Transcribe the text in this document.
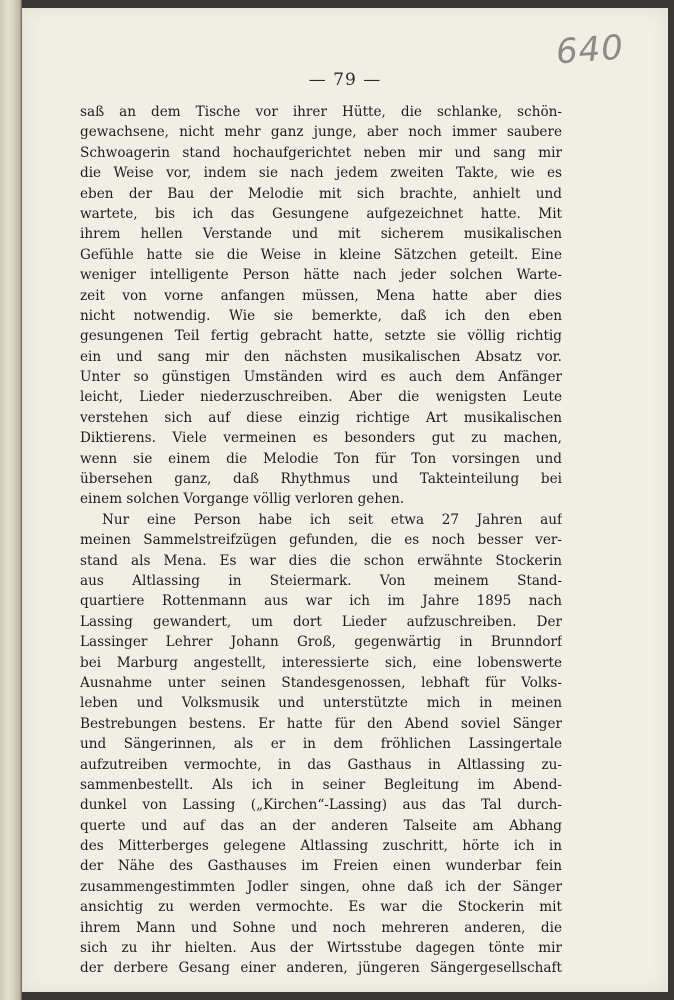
— 79 —
640
saß an dem Tische vor ihrer Hütte, die schlanke, schön-
gewachsene, nicht mehr ganz junge, aber noch immer saubere
Schwoagerin stand hochaufgerichtet neben mir und sang mir
die Weise vor, indem sie nach jedem zweiten Takte, wie es
eben der Bau der Melodie mit sich brachte, anhielt und
wartete, bis ich das Gesungene aufgezeichnet hatte. Mit
ihrem hellen Verstande und mit sicherem musikalischen
Gefühle hatte sie die Weise in kleine Sätzchen geteilt. Eine
weniger intelligente Person hätte nach jeder solchen Warte-
zeit von vorne anfangen müssen, Mena hatte aber dies
nicht notwendig. Wie sie bemerkte, daß ich den eben
gesungenen Teil fertig gebracht hatte, setzte sie völlig richtig
ein und sang mir den nächsten musikalischen Absatz vor.
Unter so günstigen Umständen wird es auch dem Anfänger
leicht, Lieder niederzuschreiben. Aber die wenigsten Leute
verstehen sich auf diese einzig richtige Art musikalischen
Diktierens. Viele vermeinen es besonders gut zu machen,
wenn sie einem die Melodie Ton für Ton vorsingen und
übersehen ganz, daß Rhythmus und Takteinteilung bei
einem solchen Vorgange völlig verloren gehen.
Nur eine Person habe ich seit etwa 27 Jahren auf
meinen Sammelstreifzügen gefunden, die es noch besser ver-
stand als Mena. Es war dies die schon erwähnte Stockerin
aus Altlassing in Steiermark. Von meinem Stand-
quartiere Rottenmann aus war ich im Jahre 1895 nach
Lassing gewandert, um dort Lieder aufzuschreiben. Der
Lassinger Lehrer Johann Groß, gegenwärtig in Brunndorf
bei Marburg angestellt, interessierte sich, eine lobenswerte
Ausnahme unter seinen Standesgenossen, lebhaft für Volks-
leben und Volksmusik und unterstützte mich in meinen
Bestrebungen bestens. Er hatte für den Abend soviel Sänger
und Sängerinnen, als er in dem fröhlichen Lassingertale
aufzutreiben vermochte, in das Gasthaus in Altlassing zu-
sammenbestellt. Als ich in seiner Begleitung im Abend-
dunkel von Lassing („Kirchen“-Lassing) aus das Tal durch-
querte und auf das an der anderen Talseite am Abhang
des Mitterberges gelegene Altlassing zuschritt, hörte ich in
der Nähe des Gasthauses im Freien einen wunderbar fein
zusammengestimmten Jodler singen, ohne daß ich der Sänger
ansichtig zu werden vermochte. Es war die Stockerin mit
ihrem Mann und Sohne und noch mehreren anderen, die
sich zu ihr hielten. Aus der Wirtsstube dagegen tönte mir
der derbere Gesang einer anderen, jüngeren Sängergesellschaft
